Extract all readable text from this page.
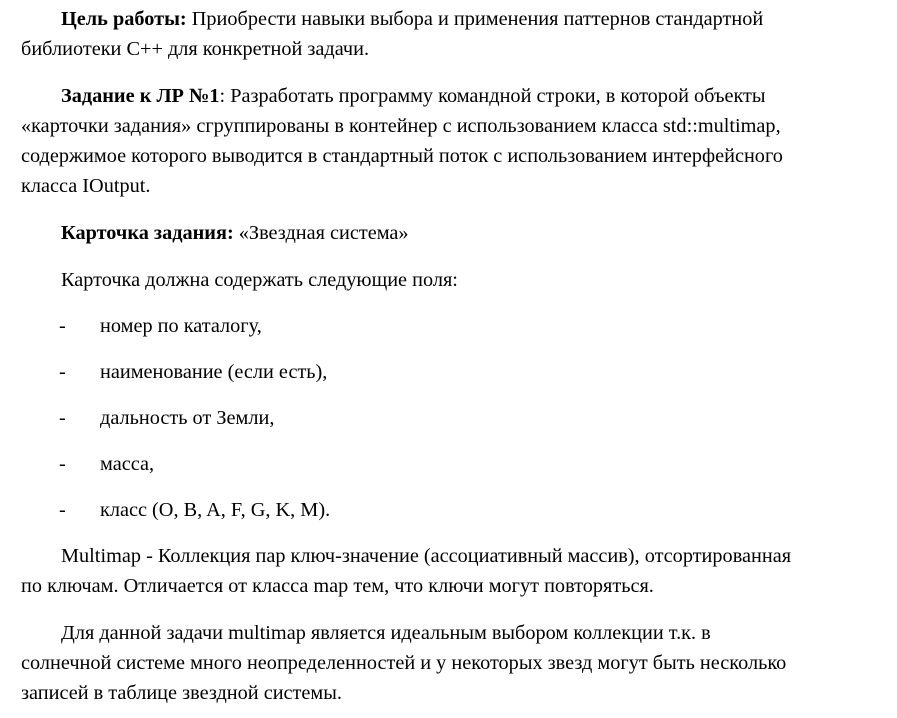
Цель работы: Приобрести навыки выбора и применения паттернов стандартной
библиотеки C++ для конкретной задачи.
Задание к ЛР №1: Разработать программу командной строки, в которой объекты
«карточки задания» сгруппированы в контейнер с использованием класса std::multimap,
содержимое которого выводится в стандартный поток с использованием интерфейсного
класса IOutput.
Карточка задания: «Звездная система»
Карточка должна содержать следующие поля:
- номер по каталогу,
- наименование (если есть),
- дальность от Земли,
- масса,
- класс (O, B, A, F, G, K, M).
Multimap - Коллекция пар ключ-значение (ассоциативный массив), отсортированная
по ключам. Отличается от класса map тем, что ключи могут повторяться.
Для данной задачи multimap является идеальным выбором коллекции т.к. в
солнечной системе много неопределенностей и у некоторых звезд могут быть несколько
записей в таблице звездной системы.
